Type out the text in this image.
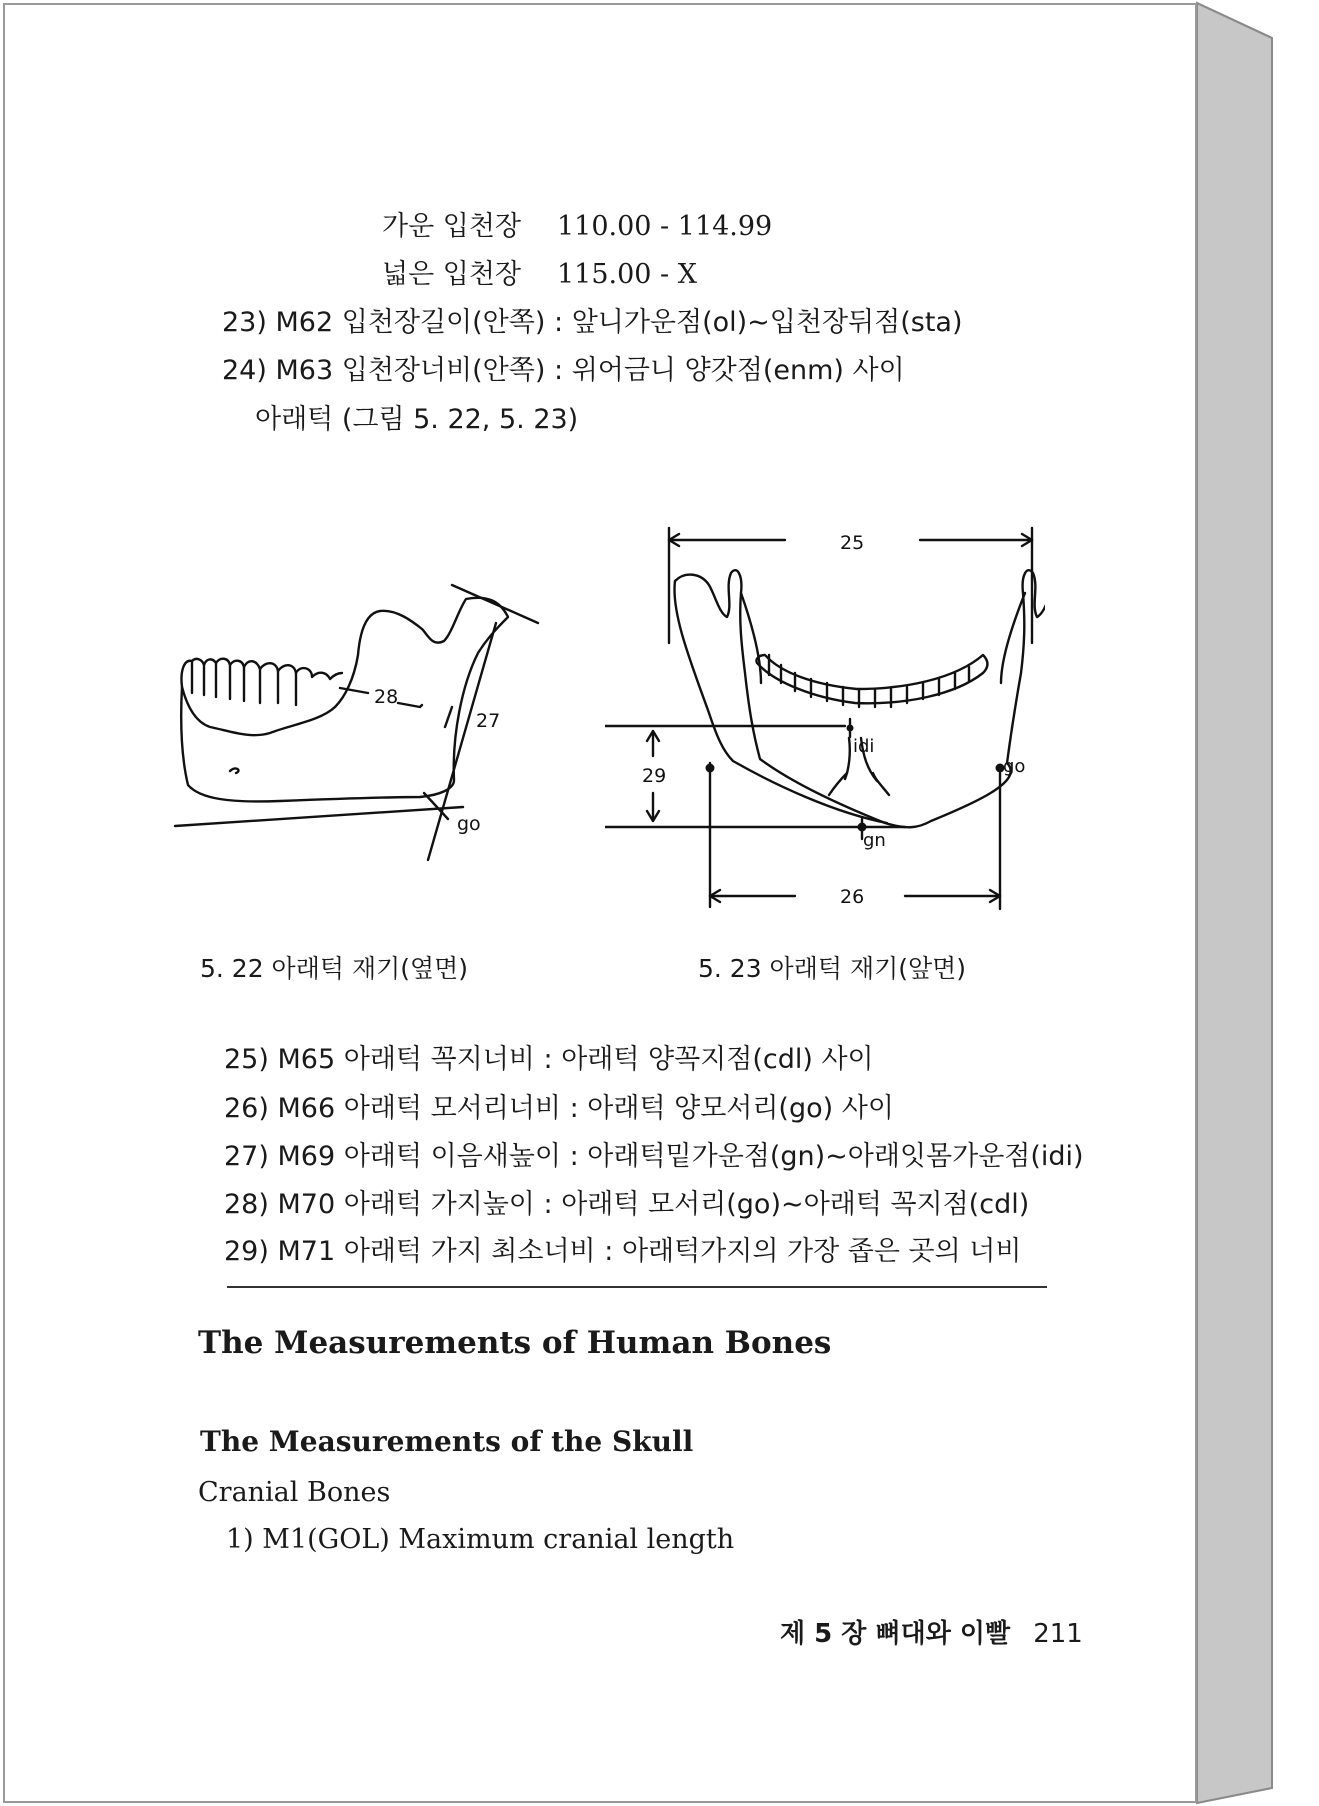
가운 입천장 110.00 - 114.99
넓은 입천장 115.00 - X
23) M62 입천장길이(안쪽) : 앞니가운점(ol)∼입천장뒤점(sta)
24) M63 입천장너비(안쪽) : 위어금니 양갓점(enm) 사이
아래턱 (그림 5. 22, 5. 23)
28
27
go
25
26
29
idi
go
gn
5. 22 아래턱 재기(옆면)	5. 23 아래턱 재기(앞면)
25) M65 아래턱 꼭지너비 : 아래턱 양꼭지점(cdl) 사이
26) M66 아래턱 모서리너비 : 아래턱 양모서리(go) 사이
27) M69 아래턱 이음새높이 : 아래턱밑가운점(gn)∼아래잇몸가운점(idi)
28) M70 아래턱 가지높이 : 아래턱 모서리(go)∼아래턱 꼭지점(cdl)
29) M71 아래턱 가지 최소너비 : 아래턱가지의 가장 좁은 곳의 너비
The Measurements of Human Bones
The Measurements of the Skull
Cranial Bones
1) M1(GOL) Maximum cranial length
제 5 장 뼈대와 이빨 211
